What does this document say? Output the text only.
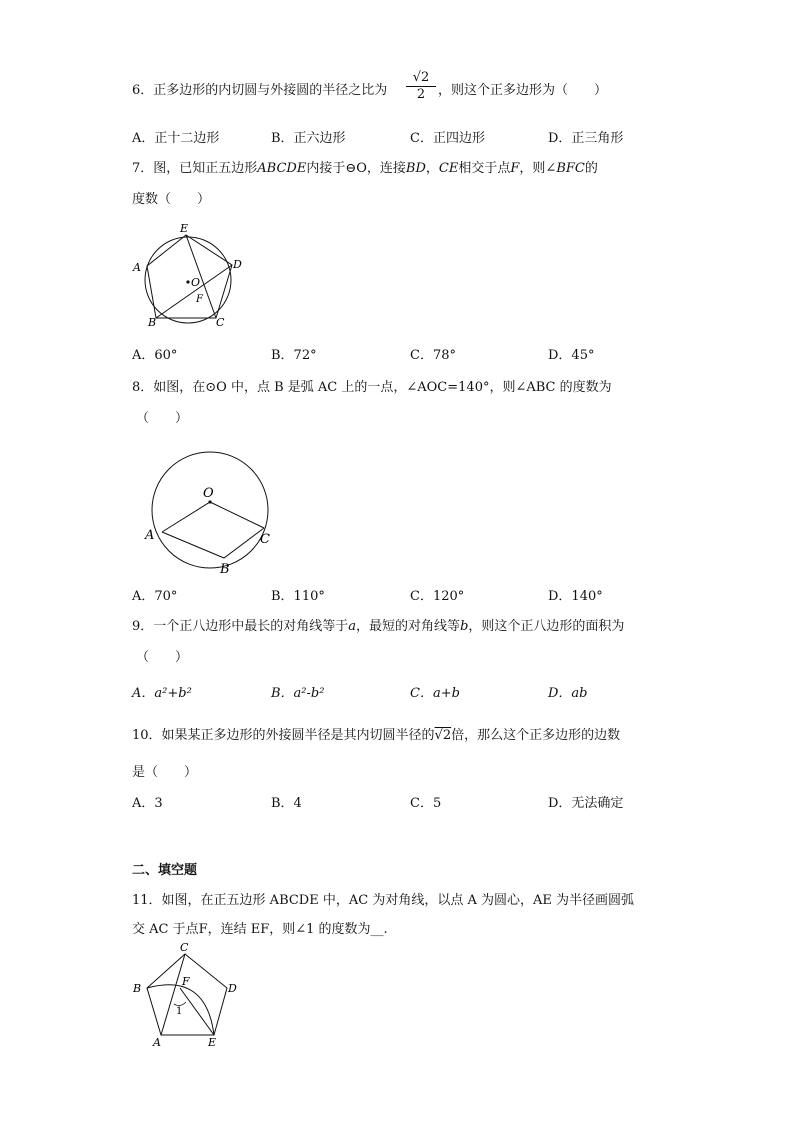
6．正多边形的内切圆与外接圆的半径之比为 $\frac{√2}{2}$ ，则这个正多边形为（　　）
A．正十二边形	B．正六边形	C．正四边形	D．正三角形
7．图，已知正五边形ABCDE内接于⊖O，连接BD，CE相交于点F，则∠BFC的
度数（　　）
E
A	D
O
F
B	C
A．60°	B．72°	C．78°	D．45°
8．如图，在⊙O 中，点 B 是弧 AC 上的一点，∠AOC=140°，则∠ABC 的度数为
（　　）
O
A	C
B
A．70°	B．110°	C．120°	D．140°
9．一个正八边形中最长的对角线等于a，最短的对角线等b，则这个正八边形的面积为
（　　）
A．a²+b²	B．a²-b²	C．a+b	D．ab
10．如果某正多边形的外接圆半径是其内切圆半径的√2倍，那么这个正多边形的边数
是（　　）
A．3	B．4	C．5	D．无法确定
二、填空题
11．如图，在正五边形 ABCDE 中，AC 为对角线，以点 A 为圆心，AE 为半径画圆弧
交 AC 于点F，连结 EF，则∠1 的度数为__.
C
F
B	D
1
A	E
